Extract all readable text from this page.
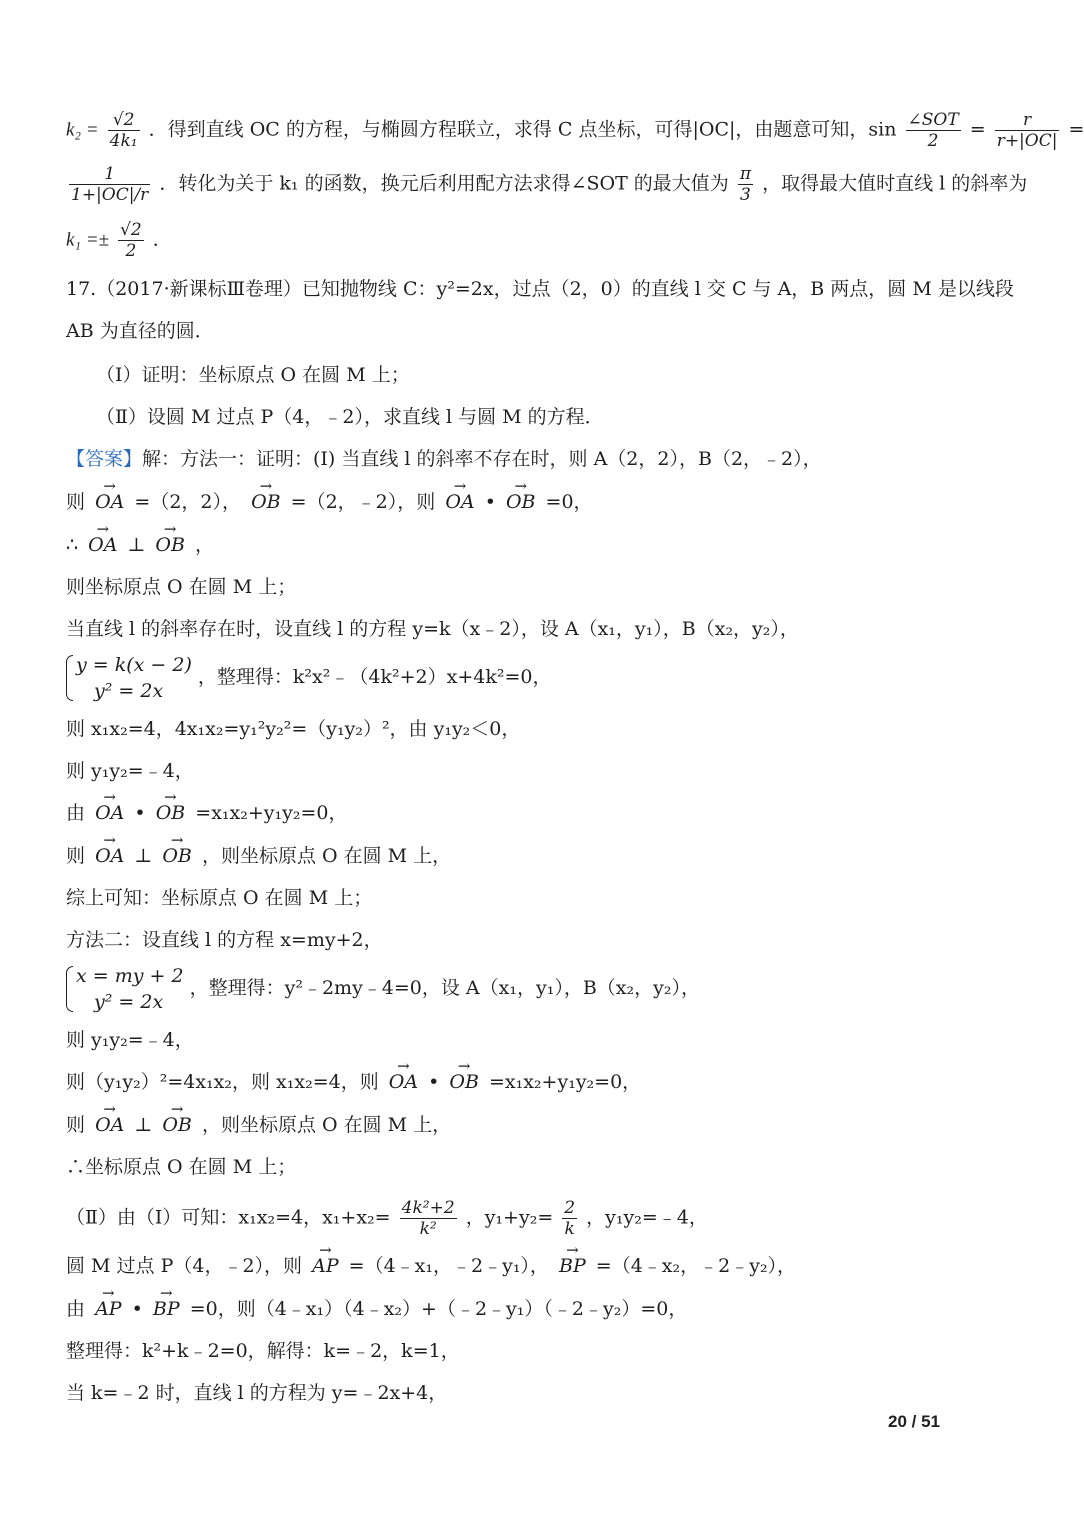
$k_2 = \frac{√2}{\text{4k₁}}$ ．得到直线 OC 的方程，与椭圆方程联立，求得 C 点坐标，可得|OC|，由题意可知，$\sin \frac{\text{∠SOT}}{2} = \frac{r}{r+|OC|}$ =
$\frac{1}{1+|OC|/r}$ ．转化为关于 k₁ 的函数，换元后利用配方法求得∠SOT 的最大值为 $\frac{\pi}{3}$ ，取得最大值时直线 l 的斜率为
$k_1 =\pm \frac{√2}{2}$ ．
17.（2017·新课标Ⅲ卷理）已知抛物线 C：y²=2x，过点（2，0）的直线 l 交 C 与 A，B 两点，圆 M 是以线段
AB 为直径的圆．
（Ⅰ）证明：坐标原点 O 在圆 M 上；
（Ⅱ）设圆 M 过点 P（4，﹣2），求直线 l 与圆 M 的方程．
【答案】解：方法一：证明：(Ⅰ) 当直线 l 的斜率不存在时，则 A（2，2），B（2，﹣2），
则 → OA =（2，2）， → OB =（2，﹣2），则 → OA • → OB =0，
∴ → OA ⊥ → OB ，
则坐标原点 O 在圆 M 上；
当直线 l 的斜率存在时，设直线 l 的方程 y=k（x﹣2），设 A（x₁，y₁），B（x₂，y₂），
y = k(x − 2)
y² = 2x
，整理得：k²x²﹣（4k²+2）x+4k²=0，
则 x₁x₂=4，4x₁x₂=y₁²y₂²=（y₁y₂）²，由 y₁y₂＜0，
则 y₁y₂=﹣4，
由 → OA • → OB =x₁x₂+y₁y₂=0，
则 → OA ⊥ → OB ，则坐标原点 O 在圆 M 上，
综上可知：坐标原点 O 在圆 M 上；
方法二：设直线 l 的方程 x=my+2，
x = my + 2
y² = 2x
，整理得：y²﹣2my﹣4=0，设 A（x₁，y₁），B（x₂，y₂），
则 y₁y₂=﹣4，
则（y₁y₂）²=4x₁x₂，则 x₁x₂=4，则 → OA • → OB =x₁x₂+y₁y₂=0，
则 → OA ⊥ → OB ，则坐标原点 O 在圆 M 上，
∴坐标原点 O 在圆 M 上；
（Ⅱ）由（Ⅰ）可知：x₁x₂=4，$x_1+x_2= \frac{\text{4k²+2}}{\text{k²}}$ ，$y_1+y_2= \frac{2}{k}$ ，y₁y₂=﹣4，
圆 M 过点 P（4，﹣2），则 → AP =（4﹣x₁，﹣2﹣y₁）， → BP =（4﹣x₂，﹣2﹣y₂），
由 → AP • → BP =0，则（4﹣x₁）（4﹣x₂）+（﹣2﹣y₁）（﹣2﹣y₂）=0，
整理得：k²+k﹣2=0，解得：k=﹣2，k=1，
当 k=﹣2 时，直线 l 的方程为 y=﹣2x+4，
20 / 51
